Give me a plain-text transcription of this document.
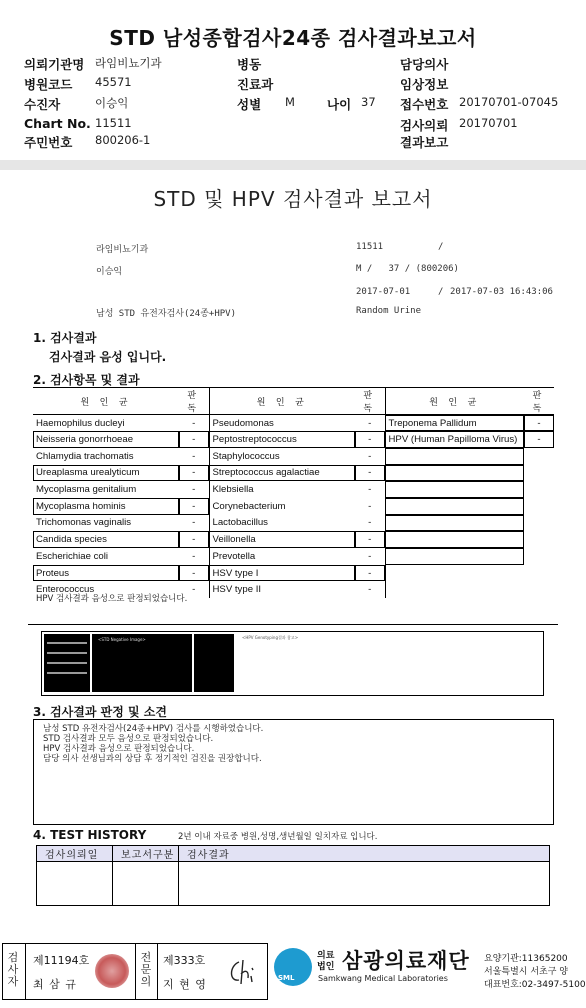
STD 남성종합검사24종 검사결과보고서
의뢰기관명 라임비뇨기과	병동	담당의사
병원코드 45571	진료과	임상정보
수진자	이승익	성별 M	나이 37 접수번호 20170701-07045
Chart No. 11511	검사의뢰 20170701
주민번호 800206-1	결과보고
STD 및 HPV 검사결과 보고서
라임비뇨기과	11511	/
이승익	M /   37 / (800206)
2017-07-01	/ 2017-07-03 16:43:06
남성 STD 유전자검사(24종+HPV)	Random Urine
1. 검사결과
검사결과 음성 입니다.
2. 검사항목 및 결과
원 인 균	판 독	원 인 균	판 독	원 인 균	판 독
Haemophilus ducleyi	-	Pseudomonas	-	Treponema Pallidum	-
Neisseria gonorrhoeae	-	Peptostreptococcus	-	HPV (Human Papilloma Virus)	-
Chlamydia trachomatis	-	Staphylococcus	-		
Ureaplasma urealyticum	-	Streptococcus agalactiae	-		
Mycoplasma genitalium	-	Klebsiella	-		
Mycoplasma hominis	-	Corynebacterium	-		
Trichomonas vaginalis	-	Lactobacillus	-		
Candida species	-	Veillonella	-		
Escherichiae coli	-	Prevotella	-		
Proteus	-	HSV type I	-		
Enterococcus	-	HSV type II	-		
HPV 검사결과 음성으로 판정되었습니다.
<STD Negative Image>	<HPV Genotyping결과 참고>
3. 검사결과 판정 및 소견
남성 STD 유전자검사(24종+HPV) 검사를 시행하였습니다.
STD 검사결과 모두 음성으로 판정되었습니다.
HPV 검사결과 음성으로 판정되었습니다.
담당 의사 선생님과의 상담 후 정기적인 검진을 권장합니다.
4. TEST HISTORY	2년 이내 자료중 병원,성명,생년월일 일치자료 입니다.
검사의뢰일	보고서구분	검사결과

검사자
제11194호
최 삼 규
전문의
제333호
지 현 영	SML
의료
법인 삼광의료재단
Samkwang Medical Laboratories
요양기관:11365200
서울특별시 서초구 양
대표번호:02-3497-5100
